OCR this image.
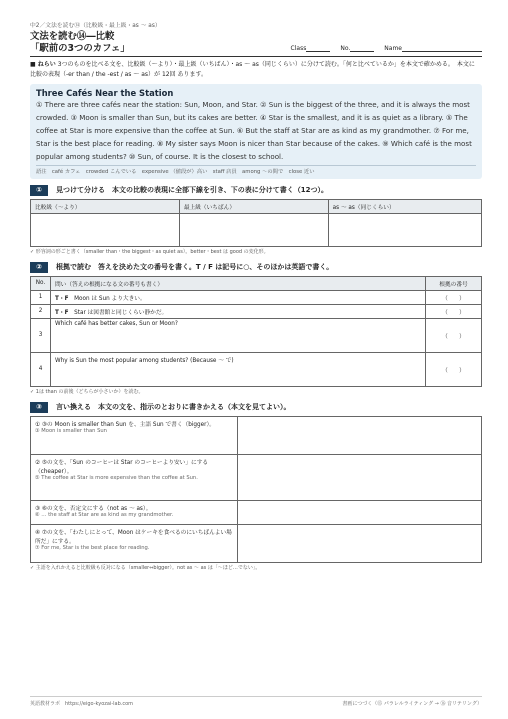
中2／文法を読む⑭（比較級・最上級・as ～ as）
文法を読む⑭―比較
「駅前の3つのカフェ」	Class	No.	Name
■ ねらい 3つのものを比べる文を、比較級（～より）・最上級（いちばん）・as ～ as（同じくらい）に分けて読む。「何と比べているか」を本文で確かめる。　本文に 比較の表現（-er than / the -est / as ～ as）が 12回 あります。
Three Cafés Near the Station
① There are three cafés near the station: Sun, Moon, and Star. ② Sun is the biggest of the three, and it is always the most crowded. ③ Moon is smaller than Sun, but its cakes are better. ④ Star is the smallest, and it is as quiet as a library. ⑤ The coffee at Star is more expensive than the coffee at Sun. ⑥ But the staff at Star are as kind as my grandmother. ⑦ For me, Star is the best place for reading. ⑧ My sister says Moon is nicer than Star because of the cakes. ⑨ Which café is the most popular among students? ⑩ Sun, of course. It is the closest to school.
語注　café カフェ　crowded こんでいる　expensive （値段が）高い　staff 店員　among ～の間で　close 近い
①	見つけて分ける　本文の比較の表現に全部下線を引き、下の表に分けて書く（12つ）。
比較級（～より）	最上級（いちばん）	as ～ as（同じくらい）

✓ 形容詞の形ごと書く（smaller than・the biggest・as quiet as）。better・best は good の変化形。
②	根拠で読む　答えを決めた文の番号を書く。T / F は記号に○、そのほかは英語で書く。
No.	問い（答えの根拠になる文の番号も書く）	根拠の番号
1	T・F　 Moon は Sun より大きい。	（　　）
2	T・F　 Star は図書館と同じくらい静かだ。	（　　）
3	Which café has better cakes, Sun or Moon?	（　　）
4	Why is Sun the most popular among students? (Because ～ で)	（　　）
✓ 1は than の前後（どちらが小さいか）を読む。
③	言い換える　本文の文を、指示のとおりに書きかえる（本文を見てよい）。
① ③の Moon is smaller than Sun を、主語 Sun で書く（bigger）。
③ Moon is smaller than Sun	

② ⑤の文を、「Sun のコーヒーは Star のコーヒーより安い」にする（cheaper）。
⑤ The coffee at Star is more expensive than the coffee at Sun.	

③ ⑥の文を、否定文にする（not as ～ as）。
⑥ … the staff at Star are as kind as my grandmother.	

④ ⑦の文を、「わたしにとって、Moon はケーキを食べるのにいちばんよい場所だ」にする。
⑦ For me, Star is the best place for reading.	

✓ 主語を入れかえると比較級も反対になる（smaller⇔bigger）。not as ～ as は「～ほど…でない」。
英語教材ラボ　https://eigo-kyozai-lab.com	書画につづく（⑮ パラレルライティング → ⑯ 音リテリング）
